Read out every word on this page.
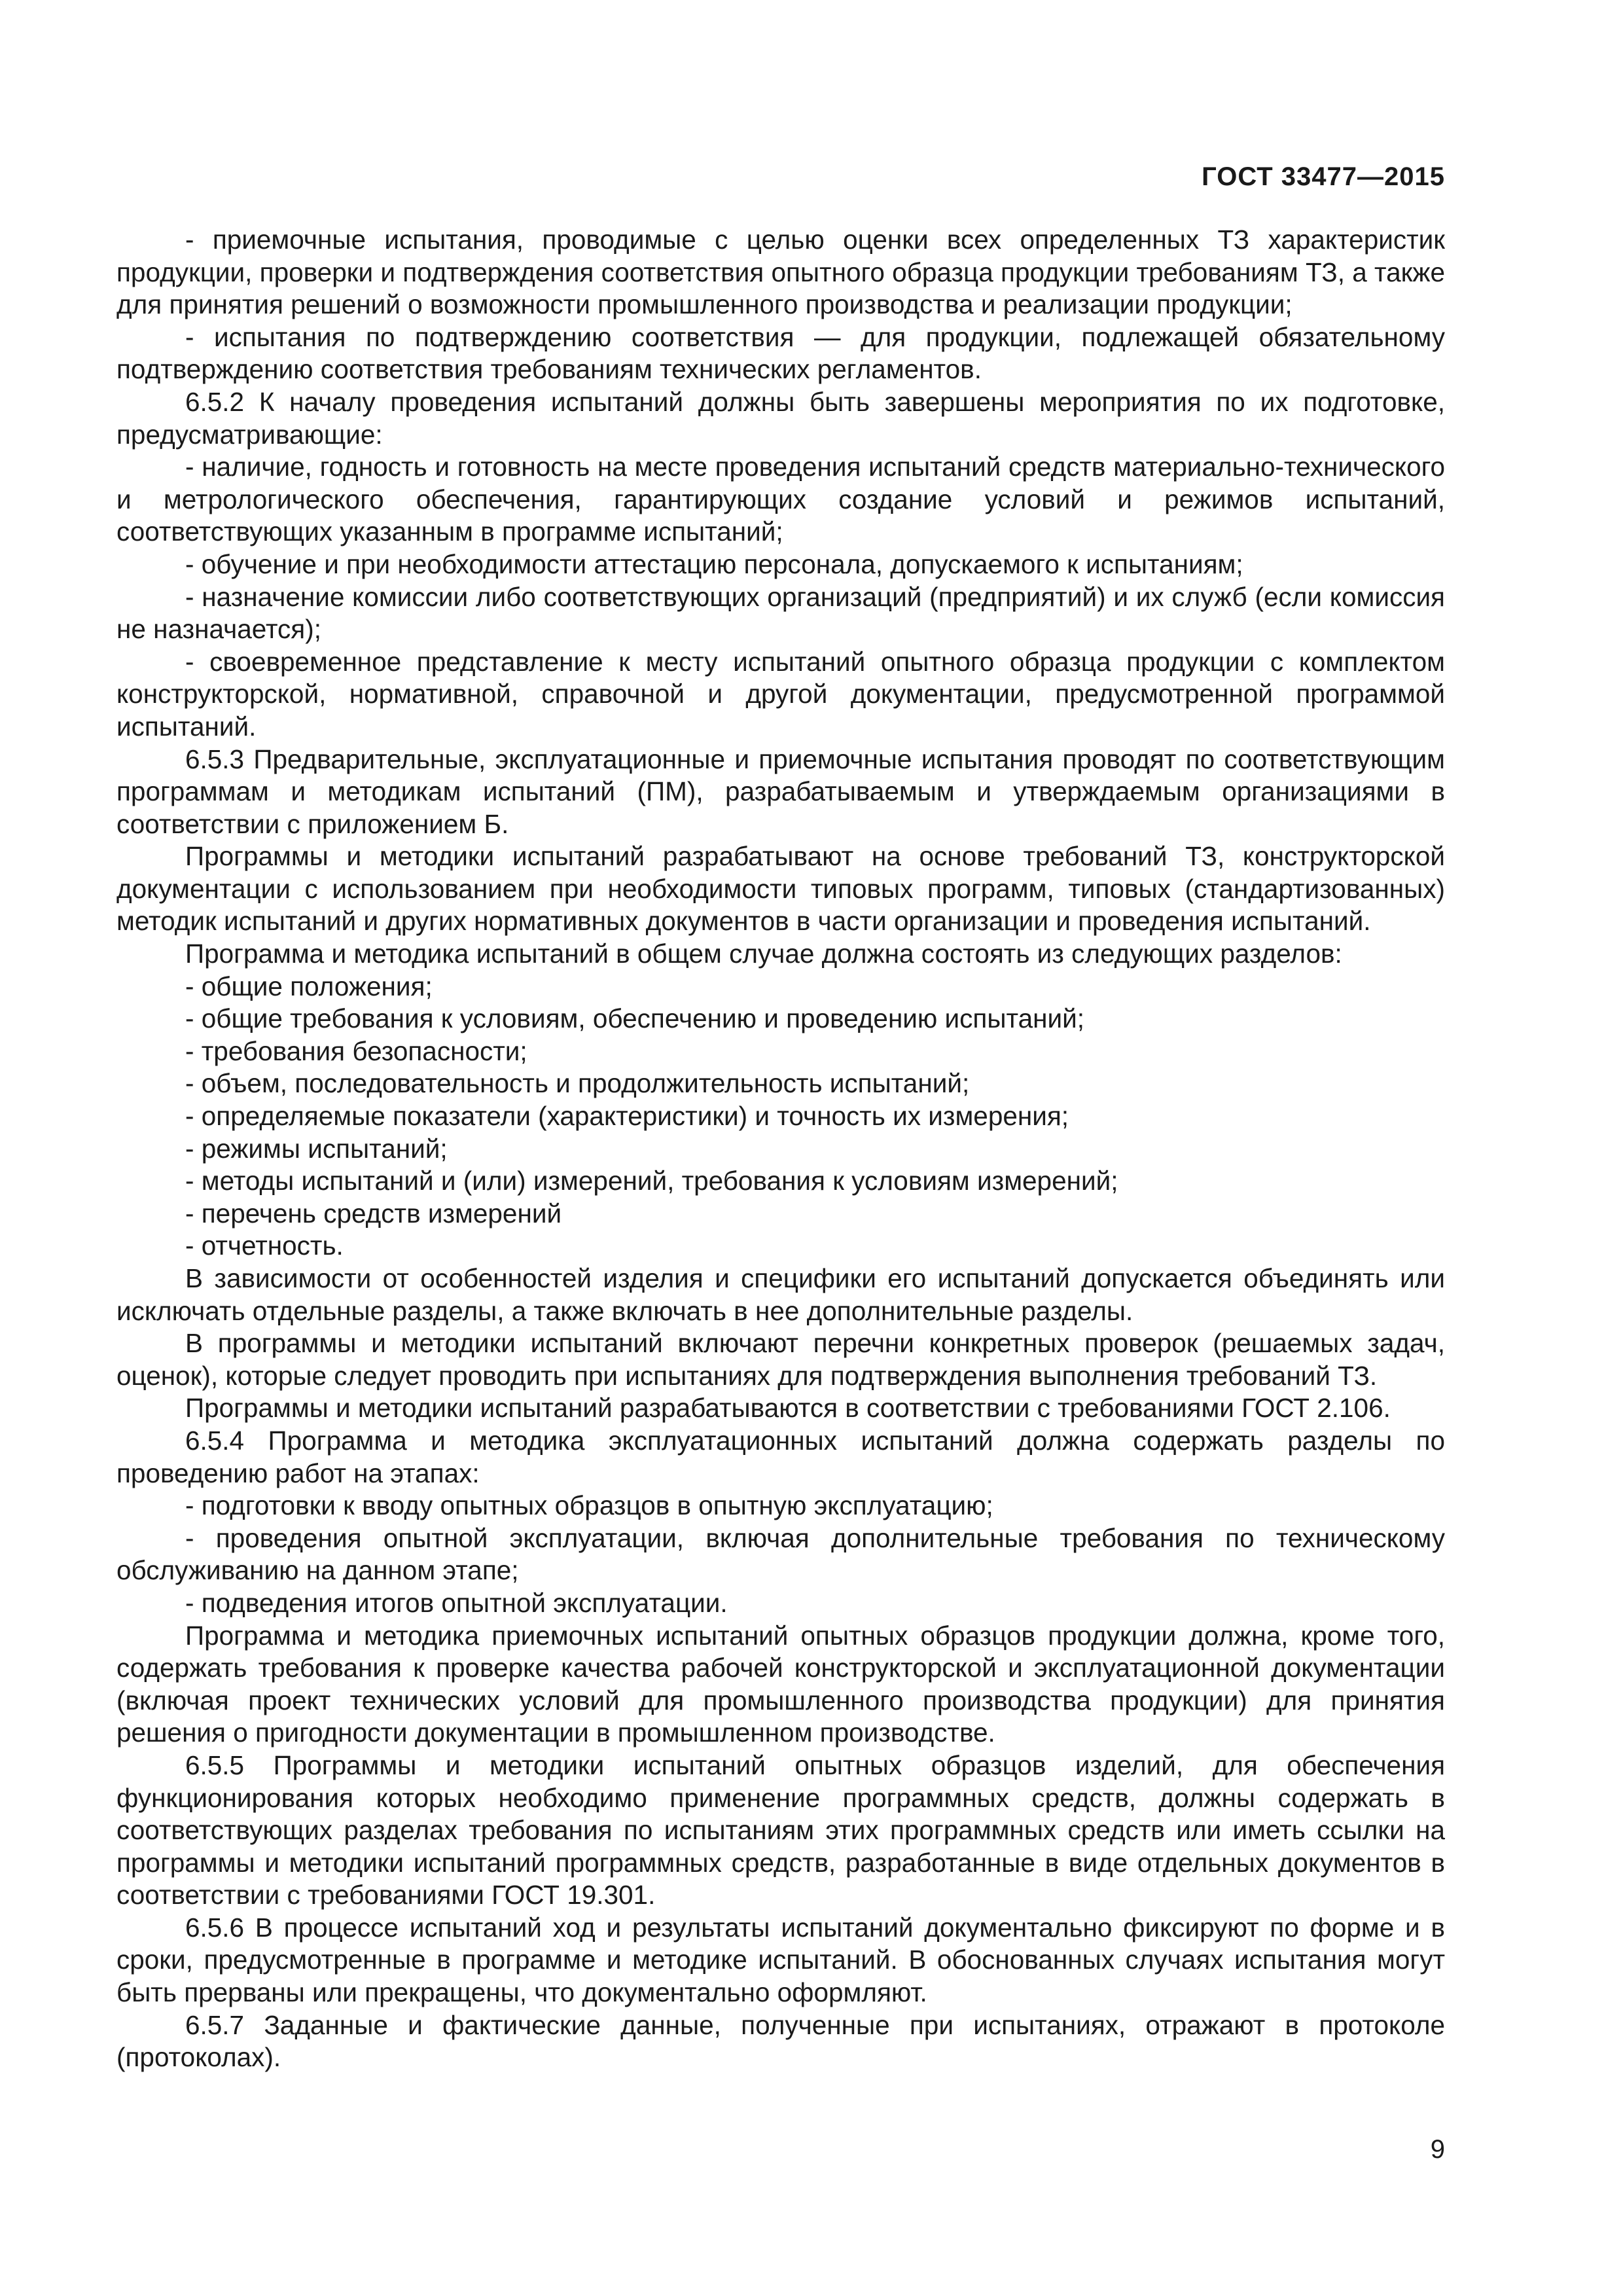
ГОСТ 33477—2015

- приемочные испытания, проводимые с целью оценки всех определенных ТЗ характеристик продукции, проверки и подтверждения соответствия опытного образца продукции требованиям ТЗ, а также для принятия решений о возможности промышленного производства и реализации продукции;

- испытания по подтверждению соответствия — для продукции, подлежащей обязательному подтверждению соответствия требованиям технических регламентов.

6.5.2 К началу проведения испытаний должны быть завершены мероприятия по их подготовке, предусматривающие:

- наличие, годность и готовность на месте проведения испытаний средств материально-технического и метрологического обеспечения, гарантирующих создание условий и режимов испытаний, соответствующих указанным в программе испытаний;

- обучение и при необходимости аттестацию персонала, допускаемого к испытаниям;

- назначение комиссии либо соответствующих организаций (предприятий) и их служб (если комиссия не назначается);

- своевременное представление к месту испытаний опытного образца продукции с комплектом конструкторской, нормативной, справочной и другой документации, предусмотренной программой испытаний.

6.5.3 Предварительные, эксплуатационные и приемочные испытания проводят по соответствующим программам и методикам испытаний (ПМ), разрабатываемым и утверждаемым организациями в соответствии с приложением Б.

Программы и методики испытаний разрабатывают на основе требований ТЗ, конструкторской документации с использованием при необходимости типовых программ, типовых (стандартизованных) методик испытаний и других нормативных документов в части организации и проведения испытаний.

Программа и методика испытаний в общем случае должна состоять из следующих разделов:

- общие положения;

- общие требования к условиям, обеспечению и проведению испытаний;

- требования безопасности;

- объем, последовательность и продолжительность испытаний;

- определяемые показатели (характеристики) и точность их измерения;

- режимы испытаний;

- методы испытаний и (или) измерений, требования к условиям измерений;

- перечень средств измерений

- отчетность.

В зависимости от особенностей изделия и специфики его испытаний допускается объединять или исключать отдельные разделы, а также включать в нее дополнительные разделы.

В программы и методики испытаний включают перечни конкретных проверок (решаемых задач, оценок), которые следует проводить при испытаниях для подтверждения выполнения требований ТЗ.

Программы и методики испытаний разрабатываются в соответствии с требованиями ГОСТ 2.106.

6.5.4 Программа и методика эксплуатационных испытаний должна содержать разделы по проведению работ на этапах:

- подготовки к вводу опытных образцов в опытную эксплуатацию;

- проведения опытной эксплуатации, включая дополнительные требования по техническому обслуживанию на данном этапе;

- подведения итогов опытной эксплуатации.

Программа и методика приемочных испытаний опытных образцов продукции должна, кроме того, содержать требования к проверке качества рабочей конструкторской и эксплуатационной документации (включая проект технических условий для промышленного производства продукции) для принятия решения о пригодности документации в промышленном производстве.

6.5.5 Программы и методики испытаний опытных образцов изделий, для обеспечения функционирования которых необходимо применение программных средств, должны содержать в соответствующих разделах требования по испытаниям этих программных средств или иметь ссылки на программы и методики испытаний программных средств, разработанные в виде отдельных документов в соответствии с требованиями ГОСТ 19.301.

6.5.6 В процессе испытаний ход и результаты испытаний документально фиксируют по форме и в сроки, предусмотренные в программе и методике испытаний. В обоснованных случаях испытания могут быть прерваны или прекращены, что документально оформляют.

6.5.7 Заданные и фактические данные, полученные при испытаниях, отражают в протоколе (протоколах).

9
